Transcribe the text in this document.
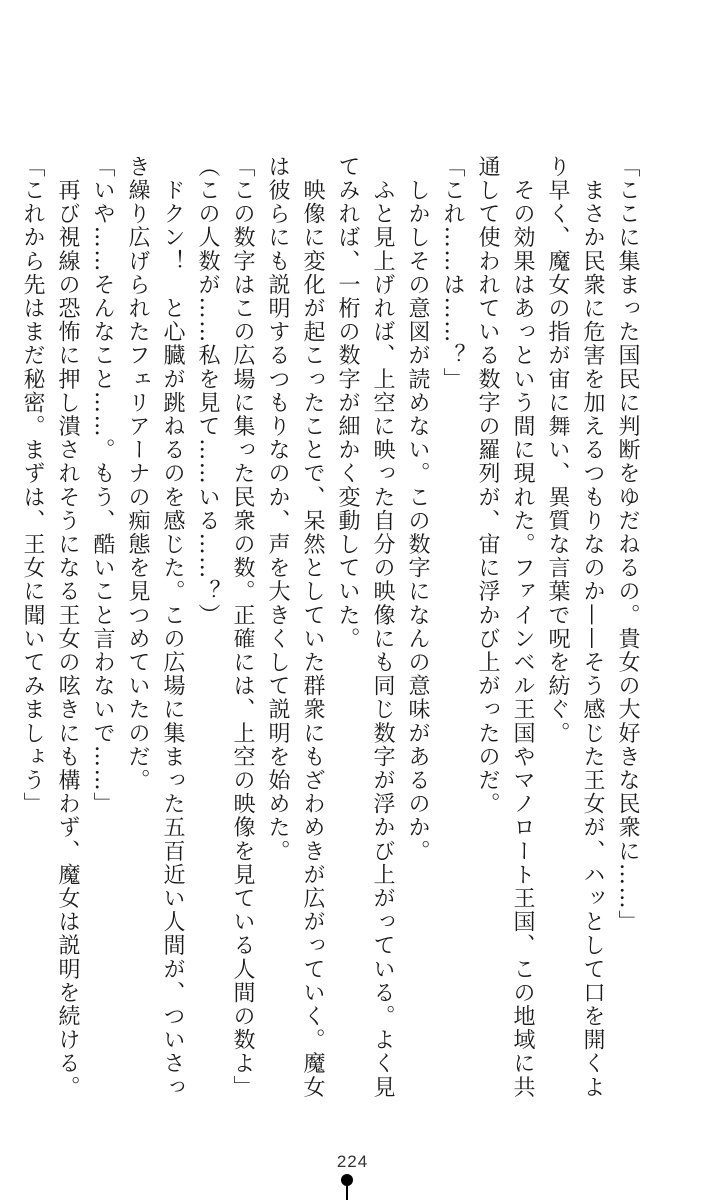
「ここに集まった国民に判断をゆだねるの。貴女の大好きな民衆に……」

　まさか民衆に危害を加えるつもりなのか——そう感じた王女が、ハッとして口を開くよ

り早く、魔女の指が宙に舞い、異質な言葉で呪を紡ぐ。

　その効果はあっという間に現れた。ファインベル王国やマノロート王国、この地域に共

通して使われている数字の羅列が、宙に浮かび上がったのだ。

「これ……は……？」

　しかしその意図が読めない。この数字になんの意味があるのか。

　ふと見上げれば、上空に映った自分の映像にも同じ数字が浮かび上がっている。よく見

てみれば、一桁の数字が細かく変動していた。

　映像に変化が起こったことで、呆然としていた群衆にもざわめきが広がっていく。魔女

は彼らにも説明するつもりなのか、声を大きくして説明を始めた。

「この数字はこの広場に集った民衆の数。正確には、上空の映像を見ている人間の数よ」

（この人数が……私を見て……いる……？）

　ドクン！　と心臓が跳ねるのを感じた。この広場に集まった五百近い人間が、ついさっ

き繰り広げられたフェリアーナの痴態を見つめていたのだ。

「いや……そんなこと……。もう、酷いこと言わないで……」

　再び視線の恐怖に押し潰されそうになる王女の呟きにも構わず、魔女は説明を続ける。

「これから先はまだ秘密。まずは、王女に聞いてみましょう」

224
